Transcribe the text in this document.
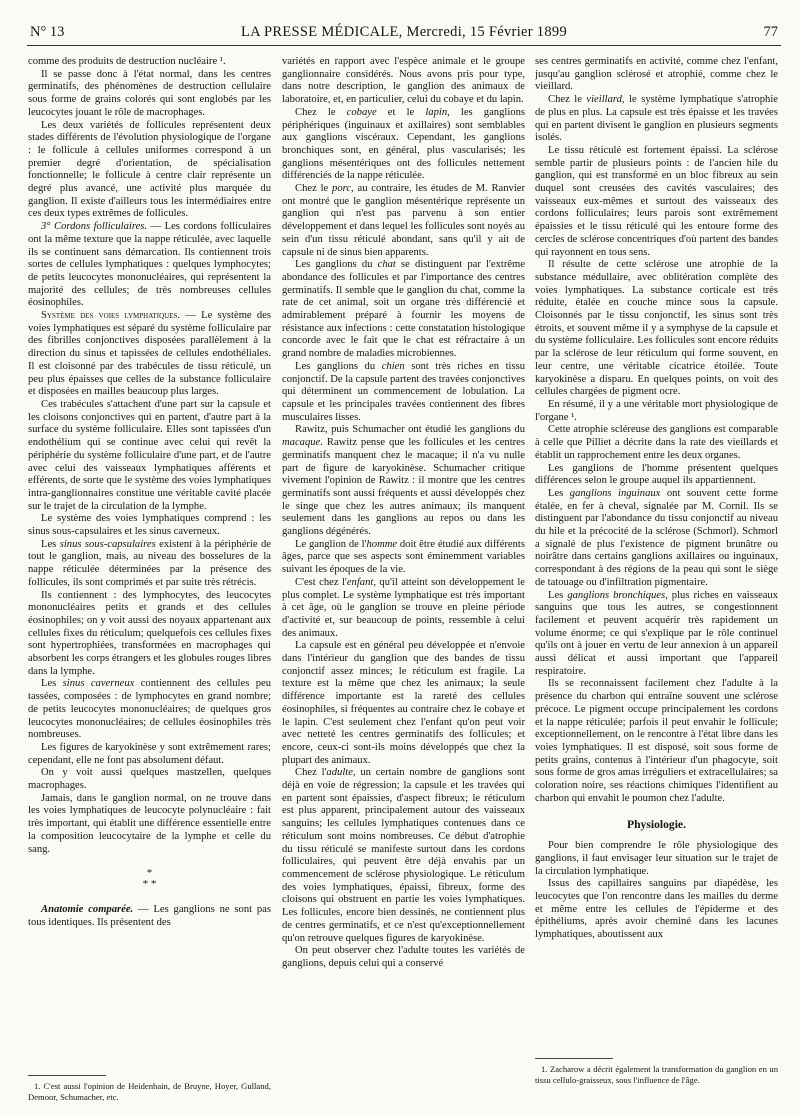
N° 13	LA PRESSE MÉDICALE, Mercredi, 15 Février 1899	77

comme des produits de destruction nucléaire ¹.

Il se passe donc à l'état normal, dans les centres germinatifs, des phénomènes de destruction cellulaire sous forme de grains colorés qui sont englobés par les leucocytes jouant le rôle de macrophages.

Les deux variétés de follicules représentent deux stades différents de l'évolution physiologique de l'organe : le follicule à cellules uniformes correspond à un premier degré d'orientation, de spécialisation fonctionnelle; le follicule à centre clair représente un degré plus avancé, une activité plus marquée du ganglion. Il existe d'ailleurs tous les intermédiaires entre ces deux types extrêmes de follicules.

3° Cordons folliculaires. — Les cordons folliculaires ont la même texture que la nappe réticulée, avec laquelle ils se continuent sans démarcation. Ils contiennent trois sortes de cellules lymphatiques : quelques lymphocytes; de petits leucocytes mononucléaires, qui représentent la majorité des cellules; de très nombreuses cellules éosinophiles.

Système des voies lymphatiques. — Le système des voies lymphatiques est séparé du système folliculaire par des fibrilles conjonctives disposées parallèlement à la direction du sinus et tapissées de cellules endothéliales. Il est cloisonné par des trabécules de tissu réticulé, un peu plus épaisses que celles de la substance folliculaire et disposées en mailles beaucoup plus larges.

Ces trabécules s'attachent d'une part sur la capsule et les cloisons conjonctives qui en partent, d'autre part à la surface du système folliculaire. Elles sont tapissées d'un endothélium qui se continue avec celui qui revêt la périphérie du système folliculaire d'une part, et de l'autre avec celui des vaisseaux lymphatiques afférents et efférents, de sorte que le système des voies lymphatiques intra-ganglionnaires constitue une véritable cavité placée sur le trajet de la circulation de la lymphe.

Le système des voies lymphatiques comprend : les sinus sous-capsulaires et les sinus caverneux.

Les sinus sous-capsulaires existent à la périphérie de tout le ganglion, mais, au niveau des bosselures de la nappe réticulée déterminées par la présence des follicules, ils sont comprimés et par suite très rétrécis.

Ils contiennent : des lymphocytes, des leucocytes mononucléaires petits et grands et des cellules éosinophiles; on y voit aussi des noyaux appartenant aux cellules fixes du réticulum; quelquefois ces cellules fixes sont hypertrophiées, transformées en macrophages qui absorbent les corps étrangers et les globules rouges libres dans la lymphe.

Les sinus caverneux contiennent des cellules peu tassées, composées : de lymphocytes en grand nombre; de petits leucocytes mononucléaires; de quelques gros leucocytes mononucléaires; de cellules éosinophiles très nombreuses.

Les figures de karyokinèse y sont extrêmement rares; cependant, elle ne font pas absolument défaut.

On y voit aussi quelques mastzellen, quelques macrophages.

Jamais, dans le ganglion normal, on ne trouve dans les voies lymphatiques de leucocyte polynucléaire : fait très important, qui établit une différence essentielle entre la composition leucocytaire de la lymphe et celle du sang.

*
* *

Anatomie comparée. — Les ganglions ne sont pas tous identiques. Ils présentent des

variétés en rapport avec l'espèce animale et le groupe ganglionnaire considérés. Nous avons pris pour type, dans notre description, le ganglion des animaux de laboratoire, et, en particulier, celui du cobaye et du lapin.

Chez le cobaye et le lapin, les ganglions périphériques (inguinaux et axillaires) sont semblables aux ganglions viscéraux. Cependant, les ganglions bronchiques sont, en général, plus vascularisés; les ganglions mésentériques ont des follicules nettement différenciés de la nappe réticulée.

Chez le porc, au contraire, les études de M. Ranvier ont montré que le ganglion mésentérique représente un ganglion qui n'est pas parvenu à son entier développement et dans lequel les follicules sont noyés au sein d'un tissu réticulé abondant, sans qu'il y ait de capsule ni de sinus bien apparents.

Les ganglions du chat se distinguent par l'extrême abondance des follicules et par l'importance des centres germinatifs. Il semble que le ganglion du chat, comme la rate de cet animal, soit un organe très différencié et admirablement préparé à fournir les moyens de résistance aux infections : cette constatation histologique concorde avec le fait que le chat est réfractaire à un grand nombre de maladies microbiennes.

Les ganglions du chien sont très riches en tissu conjonctif. De la capsule partent des travées conjonctives qui déterminent un commencement de lobulation. La capsule et les principales travées contiennent des fibres musculaires lisses.

Rawitz, puis Schumacher ont étudié les ganglions du macaque. Rawitz pense que les follicules et les centres germinatifs manquent chez le macaque; il n'a vu nulle part de figure de karyokinèse. Schumacher critique vivement l'opinion de Rawitz : il montre que les centres germinatifs sont aussi fréquents et aussi développés chez le singe que chez les autres animaux; ils manquent seulement dans les ganglions au repos ou dans les ganglions dégénérés.

Le ganglion de l'homme doit être étudié aux différents âges, parce que ses aspects sont éminemment variables suivant les époques de la vie.

C'est chez l'enfant, qu'il atteint son développement le plus complet. Le système lymphatique est très important à cet âge, où le ganglion se trouve en pleine période d'activité et, sur beaucoup de points, ressemble à celui des animaux.

La capsule est en général peu développée et n'envoie dans l'intérieur du ganglion que des bandes de tissu conjonctif assez minces; le réticulum est fragile. La texture est la même que chez les animaux; la seule différence importante est la rareté des cellules éosinophiles, si fréquentes au contraire chez le cobaye et le lapin. C'est seulement chez l'enfant qu'on peut voir avec netteté les centres germinatifs des follicules; et encore, ceux-ci sont-ils moins développés que chez la plupart des animaux.

Chez l'adulte, un certain nombre de ganglions sont déjà en voie de régression; la capsule et les travées qui en partent sont épaissies, d'aspect fibreux; le réticulum est plus apparent, principalement autour des vaisseaux sanguins; les cellules lymphatiques contenues dans ce réticulum sont moins nombreuses. Ce début d'atrophie du tissu réticulé se manifeste surtout dans les cordons folliculaires, qui peuvent être déjà envahis par un commencement de sclérose physiologique. Le réticulum des voies lymphatiques, épaissi, fibreux, forme des cloisons qui obstruent en partie les voies lymphatiques. Les follicules, encore bien dessinés, ne contiennent plus de centres germinatifs, et ce n'est qu'exceptionnellement qu'on retrouve quelques figures de karyokinèse.

On peut observer chez l'adulte toutes les variétés de ganglions, depuis celui qui a conservé

ses centres germinatifs en activité, comme chez l'enfant, jusqu'au ganglion sclérosé et atrophié, comme chez le vieillard.

Chez le vieillard, le système lymphatique s'atrophie de plus en plus. La capsule est très épaisse et les travées qui en partent divisent le ganglion en plusieurs segments isolés.

Le tissu réticulé est fortement épaissi. La sclérose semble partir de plusieurs points : de l'ancien hile du ganglion, qui est transformé en un bloc fibreux au sein duquel sont creusées des cavités vasculaires; des vaisseaux eux-mêmes et surtout des vaisseaux des cordons folliculaires; leurs parois sont extrêmement épaissies et le tissu réticulé qui les entoure forme des cercles de sclérose concentriques d'où partent des bandes qui rayonnent en tous sens.

Il résulte de cette sclérose une atrophie de la substance médullaire, avec oblitération complète des voies lymphatiques. La substance corticale est très réduite, étalée en couche mince sous la capsule. Cloisonnés par le tissu conjonctif, les sinus sont très étroits, et souvent même il y a symphyse de la capsule et du système folliculaire. Les follicules sont encore réduits par la sclérose de leur réticulum qui forme souvent, en leur centre, une véritable cicatrice étoilée. Toute karyokinèse a disparu. En quelques points, on voit des cellules chargées de pigment ocre.

En résumé, il y a une véritable mort physiologique de l'organe ¹.

Cette atrophie scléreuse des ganglions est comparable à celle que Pilliet a décrite dans la rate des vieillards et établit un rapprochement entre les deux organes.

Les ganglions de l'homme présentent quelques différences selon le groupe auquel ils appartiennent.

Les ganglions inguinaux ont souvent cette forme étalée, en fer à cheval, signalée par M. Cornil. Ils se distinguent par l'abondance du tissu conjonctif au niveau du hile et la précocité de la sclérose (Schmorl). Schmorl a signalé de plus l'existence de pigment brunâtre ou noirâtre dans certains ganglions axillaires ou inguinaux, correspondant à des régions de la peau qui sont le siège de tatouage ou d'infiltration pigmentaire.

Les ganglions bronchiques, plus riches en vaisseaux sanguins que tous les autres, se congestionnent facilement et peuvent acquérir très rapidement un volume énorme; ce qui s'explique par le rôle continuel qu'ils ont à jouer en vertu de leur annexion à un appareil aussi délicat et aussi important que l'appareil respiratoire.

Ils se reconnaissent facilement chez l'adulte à la présence du charbon qui entraîne souvent une sclérose précoce. Le pigment occupe principalement les cordons et la nappe réticulée; parfois il peut envahir le follicule; exceptionnellement, on le rencontre à l'état libre dans les voies lymphatiques. Il est disposé, soit sous forme de petits grains, contenus à l'intérieur d'un phagocyte, soit sous forme de gros amas irréguliers et extracellulaires; sa coloration noire, ses réactions chimiques l'identifient au charbon qui envahit le poumon chez l'adulte.

Physiologie.

Pour bien comprendre le rôle physiologique des ganglions, il faut envisager leur situation sur le trajet de la circulation lymphatique.

Issus des capillaires sanguins par diapédèse, les leucocytes que l'on rencontre dans les mailles du derme et même entre les cellules de l'épiderme et des épithéliums, après avoir cheminé dans les lacunes lymphatiques, aboutissent aux

1. C'est aussi l'opinion de Heidenhain, de Bruyne, Hoyer, Gulland, Demoor, Schumacher, etc.

1. Zacharow a décrit également la transformation du ganglion en un tissu cellulo-graisseux, sous l'influence de l'âge.
